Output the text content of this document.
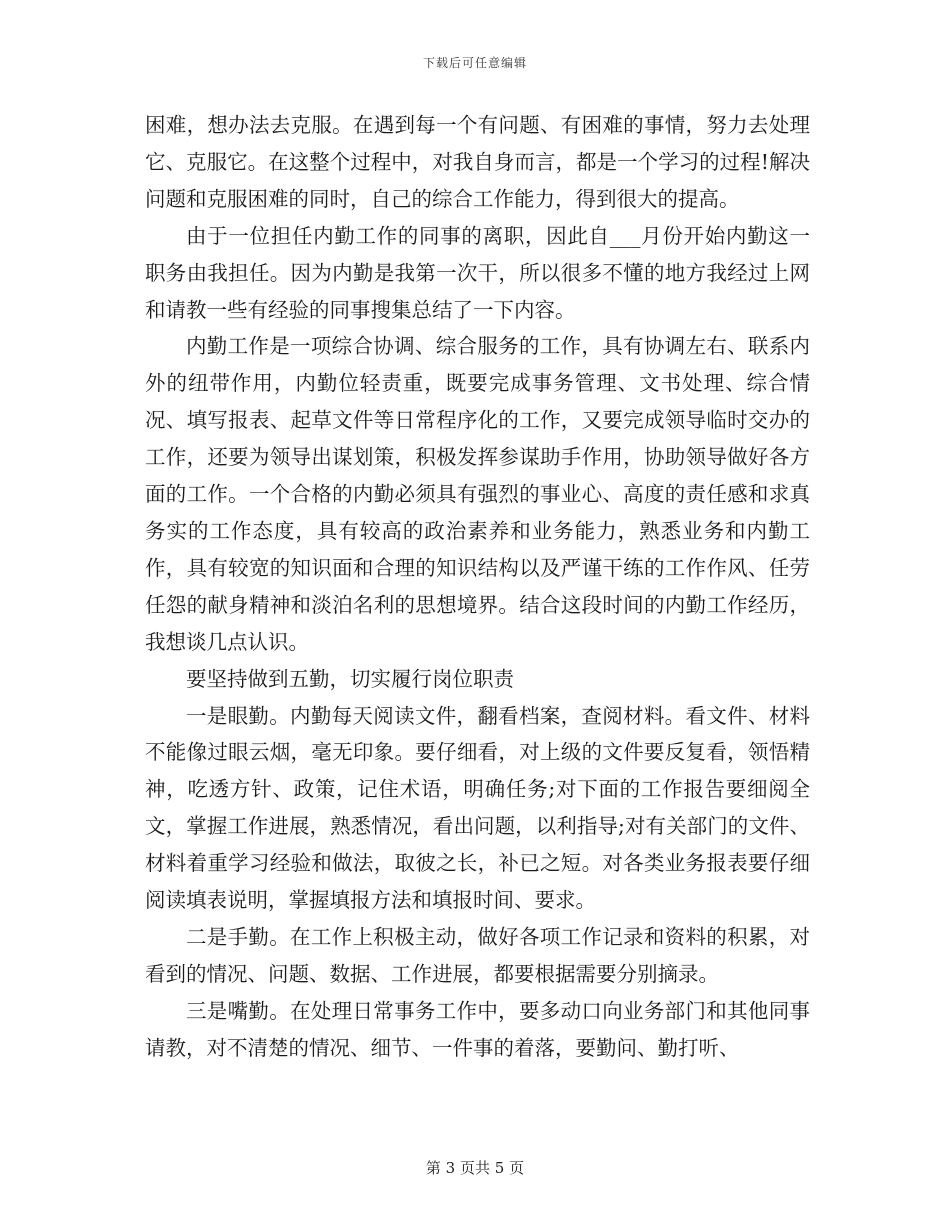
下载后可任意编辑

困难，想办法去克服。在遇到每一个有问题、有困难的事情，努力去处理它、克服它。在这整个过程中，对我自身而言，都是一个学习的过程!解决问题和克服困难的同时，自己的综合工作能力，得到很大的提高。

由于一位担任内勤工作的同事的离职，因此自___月份开始内勤这一职务由我担任。因为内勤是我第一次干，所以很多不懂的地方我经过上网和请教一些有经验的同事搜集总结了一下内容。

内勤工作是一项综合协调、综合服务的工作，具有协调左右、联系内外的纽带作用，内勤位轻责重，既要完成事务管理、文书处理、综合情况、填写报表、起草文件等日常程序化的工作，又要完成领导临时交办的工作，还要为领导出谋划策，积极发挥参谋助手作用，协助领导做好各方面的工作。一个合格的内勤必须具有强烈的事业心、高度的责任感和求真务实的工作态度，具有较高的政治素养和业务能力，熟悉业务和内勤工作，具有较宽的知识面和合理的知识结构以及严谨干练的工作作风、任劳任怨的献身精神和淡泊名利的思想境界。结合这段时间的内勤工作经历，我想谈几点认识。

要坚持做到五勤，切实履行岗位职责

一是眼勤。内勤每天阅读文件，翻看档案，查阅材料。看文件、材料不能像过眼云烟，毫无印象。要仔细看，对上级的文件要反复看，领悟精神，吃透方针、政策，记住术语，明确任务;对下面的工作报告要细阅全文，掌握工作进展，熟悉情况，看出问题，以利指导;对有关部门的文件、材料着重学习经验和做法，取彼之长，补已之短。对各类业务报表要仔细阅读填表说明，掌握填报方法和填报时间、要求。

二是手勤。在工作上积极主动，做好各项工作记录和资料的积累，对看到的情况、问题、数据、工作进展，都要根据需要分别摘录。

三是嘴勤。在处理日常事务工作中，要多动口向业务部门和其他同事请教，对不清楚的情况、细节、一件事的着落，要勤问、勤打听、

第 3 页共 5 页
